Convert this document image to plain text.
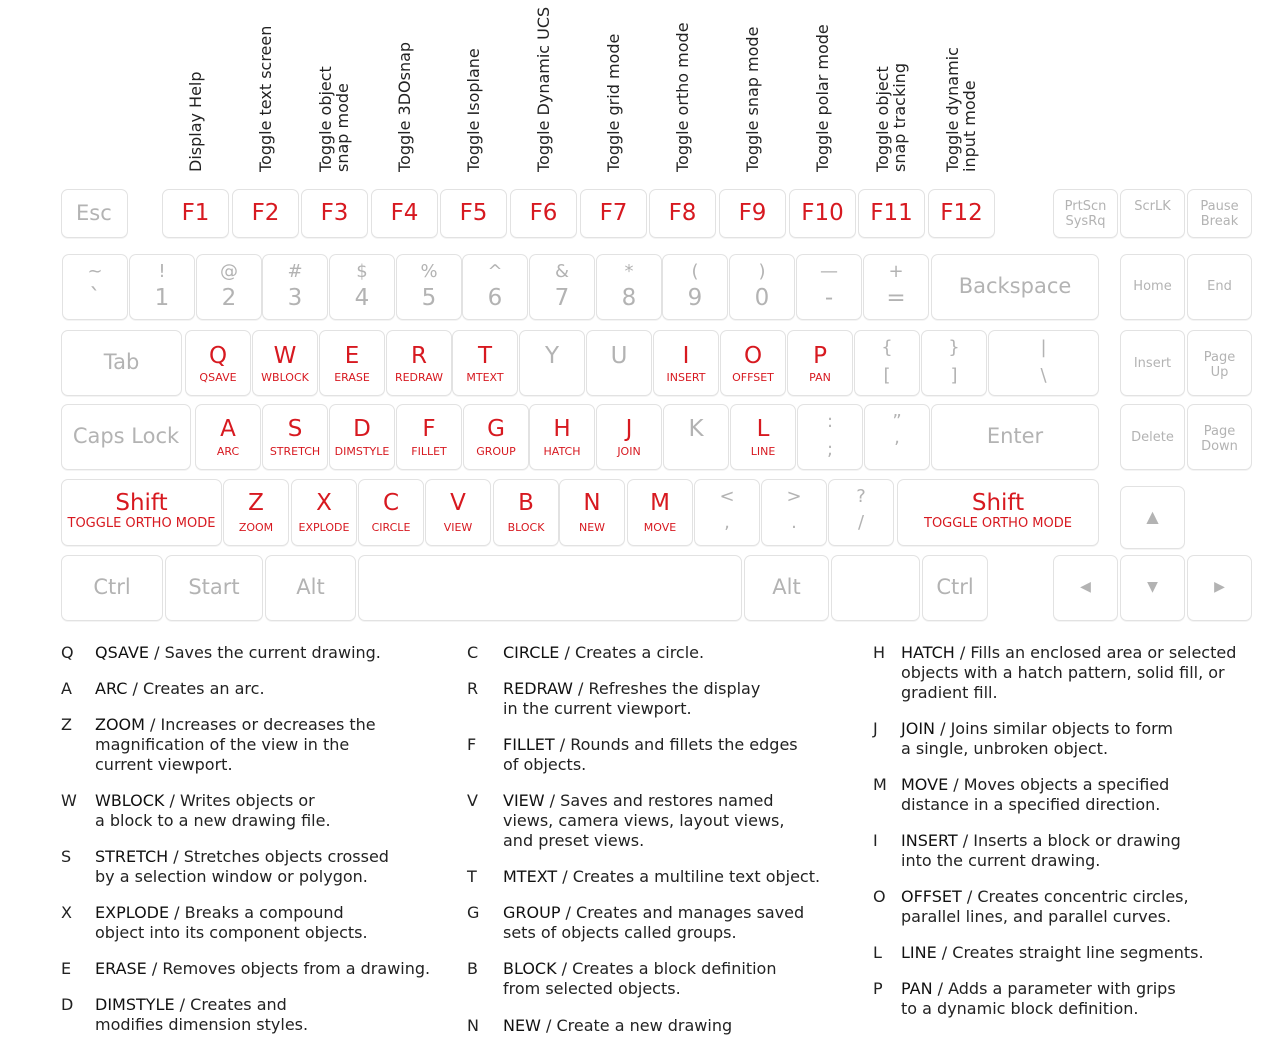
Esc	F1	F2	F3	F4	F5	F6	F7	F8	F9	F10	F11	F12	PrtScn
SysRq
ScrLK	Pause
Break
~
`
!
1
@
2
#
3
$
4
%
5
^
6
&
7
*
8
(
9
)
0
—
-
+
=	Backspace	Home	End
Tab	Q
QSAVE
W
WBLOCK
E
ERASE
R
REDRAW
T
MTEXT
Y	U	I
INSERT
O
OFFSET
P
PAN
{
[
}
]
|
\
Insert	Page
Up
Caps Lock	A
ARC
S
STRETCH
D
DIMSTYLE
F
FILLET
G
GROUP
H
HATCH
J
JOIN
K	L
LINE
:
;
”
,	Enter	Delete	Page
Down
Shift
TOGGLE ORTHO MODE
Z
ZOOM
X
EXPLODE
C
CIRCLE
V
VIEW
B
BLOCK
N
NEW
M
MOVE
<
,
>
.
?
/
Shift
TOGGLE ORTHO MODE	▲
Ctrl	Start	Alt	Alt	Ctrl	◀	▼	▶
Display Help	Toggle text screen	Toggle object
snap mode	Toggle 3DOsnap	Toggle Isoplane	Toggle Dynamic UCS	Toggle grid mode	Toggle ortho mode	Toggle snap mode	Toggle polar mode	Toggle object
snap tracking Toggle dynamic
input mode
Q QSAVE / Saves the current drawing.
A ARC / Creates an arc.
Z ZOOM / Increases or decreases the
magnification of the view in the
current viewport.
W WBLOCK / Writes objects or
a block to a new drawing file.
S STRETCH / Stretches objects crossed
by a selection window or polygon.
X EXPLODE / Breaks a compound
object into its component objects.
E ERASE / Removes objects from a drawing.
D DIMSTYLE / Creates and
modifies dimension styles.
C CIRCLE / Creates a circle.
R REDRAW / Refreshes the display
in the current viewport.
F FILLET / Rounds and fillets the edges
of objects.
V VIEW / Saves and restores named
views, camera views, layout views,
and preset views.
T MTEXT / Creates a multiline text object.
G GROUP / Creates and manages saved
sets of objects called groups.
B BLOCK / Creates a block definition
from selected objects.
N NEW / Create a new drawing
H HATCH / Fills an enclosed area or selected
objects with a hatch pattern, solid fill, or
gradient fill.
J JOIN / Joins similar objects to form
a single, unbroken object.
M MOVE / Moves objects a specified
distance in a specified direction.
I INSERT / Inserts a block or drawing
into the current drawing.
O OFFSET / Creates concentric circles,
parallel lines, and parallel curves.
L LINE / Creates straight line segments.
P PAN / Adds a parameter with grips
to a dynamic block definition.
